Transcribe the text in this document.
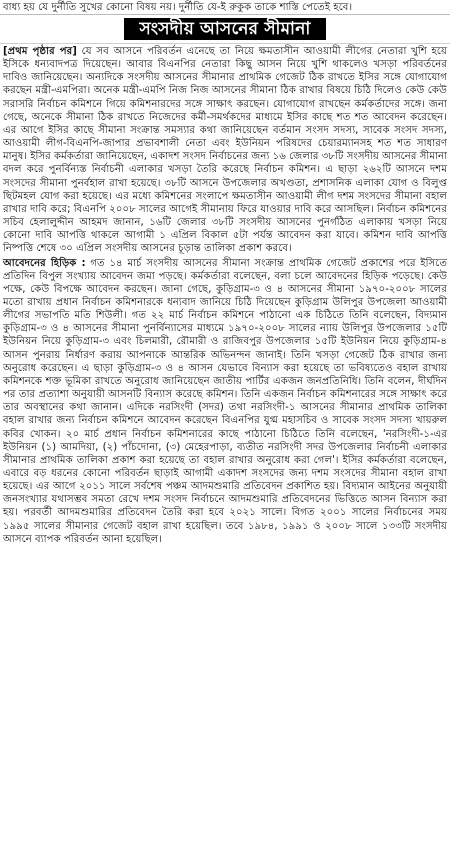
বাধ্য হয় যে দুর্নীতি সুখের কোনো বিষয় নয়। দুর্নীতি যে-ই রুকুক তাকে শাস্তি পেতেই হবে।
সংসদীয় আসনের সীমানা

[প্রথম পৃষ্ঠার পর] যে সব আসনে পরিবর্তন এনেছে তা নিয়ে ক্ষমতাসীন আওয়ামী লীগের নেতারা খুশি হয়ে ইসিকে ধন্যবাদপত্র দিয়েছেন। আবার বিএনপির নেতারা কিছু আসন নিয়ে খুশি থাকলেও খসড়া পরিবর্তনের দাবিও জানিয়েছেন। অন্যদিকে সংসদীয় আসনের সীমানার প্রাথমিক গেজেট ঠিক রাখতে ইসির সঙ্গে যোগাযোগ করছেন মন্ত্রী-এমপিরা। অনেক মন্ত্রী-এমপি নিজ নিজ আসনের সীমানা ঠিক রাখার বিষয়ে চিঠি দিলেও কেউ কেউ সরাসরি নির্বাচন কমিশনে গিয়ে কমিশনারদের সঙ্গে সাক্ষাৎ করছেন। যোগাযোগ রাখছেন কর্মকর্তাদের সঙ্গে। জনা গেছে, অনেকে সীমানা ঠিক রাখতে নিজেদের কর্মী-সমর্থকদের মাধ্যমে ইসির কাছে শত শত আবেদন করেছেন। এর আগে ইসির কাছে সীমানা সংক্রান্ত সমস্যার কথা জানিয়েছেন বর্তমান সংসদ সদস্য, সাবেক সংসদ সদস্য, আওয়ামী লীগ-বিএনপি-জাপার প্রভাবশালী নেতা এবং ইউনিয়ন পরিষদের চেয়ারম্যানসহ শত শত সাধারণ মানুষ। ইসির কর্মকর্তারা জানিয়েছেন, একাদশ সংসদ নির্বাচনের জন্য ১৬ জেলার ৩৮টি সংসদীয় আসনের সীমানা বদল করে পুনর্বিন্যস্ত নির্বাচনী এলাকার খসড়া তৈরি করেছে নির্বাচন কমিশন। এ ছাড়া ২৬২টি আসনে দশম সংসদের সীমানা পুনর্বহাল রাখা হয়েছে। ৩৮টি আসনে উপজেলার অখণ্ডতা, প্রশাসনিক এলাকা যোগ ও বিলুপ্ত ছিটমহল যোগ করা হয়েছে। এর মধ্যে কমিশনের সংলাপে ক্ষমতাসীন আওয়ামী লীগ দশম সংসদের সীমানা বহাল রাখার দাবি করে; বিএনপি ২০০৮ সালের আগেই সীমানায় ফিরে যাওয়ার দাবি করে আসছিল। নির্বাচন কমিশনের সচিব হেলালুদ্দীন আহমদ জানান, ১৬টি জেলার ৩৮টি সংসদীয় আসনের পুনর্গঠিত এলাকায় খসড়া নিয়ে কোনো দাবি আপত্তি থাকলে আগামী ১ এপ্রিল বিকাল ৫টা পর্যন্ত আবেদন করা যাবে। কমিশন দাবি আপত্তি নিষ্পত্তি শেষে ৩০ এপ্রিল সংসদীয় আসনের চূড়ান্ত তালিকা প্রকাশ করবে।

আবেদনের হিড়িক : গত ১৪ মার্চ সংসদীয় আসনের সীমানা সংক্রান্ত প্রাথমিক গেজেট প্রকাশের পরে ইসিতে প্রতিদিন বিপুল সংখ্যায় আবেদন জমা পড়ছে। কর্মকর্তারা বলেছেন, বলা চলে আবেদনের হিড়িক পড়েছে। কেউ পক্ষে, কেউ বিপক্ষে আবেদন করছেন। জানা গেছে, কুড়িগ্রাম-৩ ও ৪ আসনের সীমানা ১৯৭০-২০০৮ সালের মতো রাখায় প্রধান নির্বাচন কমিশনারকে ধন্যবাদ জানিয়ে চিঠি দিয়েছেন কুড়িগ্রাম উলিপুর উপজেলা আওয়ামী লীগের সভাপতি মতি শিউলী। গত ২২ মার্চ নির্বাচন কমিশনে পাঠানো এক চিঠিতে তিনি বলেছেন, বিদ্যমান কুড়িগ্রাম-৩ ও ৪ আসনের সীমানা পুনর্বিন্যাসের মাধ্যমে ১৯৭০-২০০৮ সালের ন্যায় উলিপুর উপজেলার ১৫টি ইউনিয়ন নিয়ে কুড়িগ্রাম-৩ এবং চিলমারী, রৌমারী ও রাজিবপুর উপজেলার ১৫টি ইউনিয়ন নিয়ে কুড়িগ্রাম-৪ আসন পুনরায় নির্ধারণ করায় আপনাকে আন্তরিক অভিনন্দন জানাই। তিনি খসড়া গেজেট ঠিক রাখার জন্য অনুরোধ করেছেন। এ ছাড়া কুড়িগ্রাম-৩ ও ৪ আসন যেভাবে বিন্যাস করা হয়েছে তা ভবিষ্যতেও বহাল রাখায় কমিশনকে শক্ত ভূমিকা রাখতে অনুরোধ জানিয়েছেন জাতীয় পার্টির একজন জনপ্রতিনিধি। তিনি বলেন, দীর্ঘদিন পর তার প্রত্যাশা অনুযায়ী আসনটি বিন্যাস করেছে কমিশন। তিনি একজন নির্বাচন কমিশনারের সঙ্গে সাক্ষাৎ করে তার অবস্থানের কথা জানান। এদিকে নরসিংদী (সদর) তথা নরসিংদী-১ আসনের সীমানার প্রাথমিক তালিকা বহাল রাখার জন্য নির্বাচন কমিশনে আবেদন করেছেন বিএনপির যুগ্ম মহাসচিব ও সাবেক সংসদ সদস্য খায়রুল কবির খোকন। ২০ মার্চ প্রধান নির্বাচন কমিশনারের কাছে পাঠানো চিঠিতে তিনি বলেছেন, 'নরসিংদী-১-এর ইউনিয়ন (১) আমদিয়া, (২) পাঁচদোনা, (৩) মেহেরপাড়া, ব্যতীত নরসিংদী সদর উপজেলার নির্বাচনী এলাকার সীমানার প্রাথমিক তালিকা প্রকাশ করা হয়েছে তা বহাল রাখার অনুরোধ করা গেল'। ইসির কর্মকর্তারা বলেছেন, এবারে বড় ধরনের কোনো পরিবর্তন ছাড়াই আগামী একাদশ সংসদের জন্য দশম সংসদের সীমানা বহাল রাখা হয়েছে। এর আগে ২০১১ সালে সর্বশেষ পঞ্চম আদমশুমারি প্রতিবেদন প্রকাশিত হয়। বিদ্যমান আইনের অনুযায়ী জনসংখ্যার যথাসম্ভব সমতা রেখে দশম সংসদ নির্বাচনে আদমশুমারি প্রতিবেদনের ভিত্তিতে আসন বিন্যাস করা হয়। পরবর্তী আদমশুমারির প্রতিবেদন তৈরি করা হবে ২০২১ সালে। বিগত ২০০১ সালের নির্বাচনের সময় ১৯৯৫ সালের সীমানার গেজেট বহাল রাখা হয়েছিল। তবে ১৯৮৪, ১৯৯১ ও ২০০৮ সালে ১৩৩টি সংসদীয় আসনে ব্যাপক পরিবর্তন আনা হয়েছিল।
